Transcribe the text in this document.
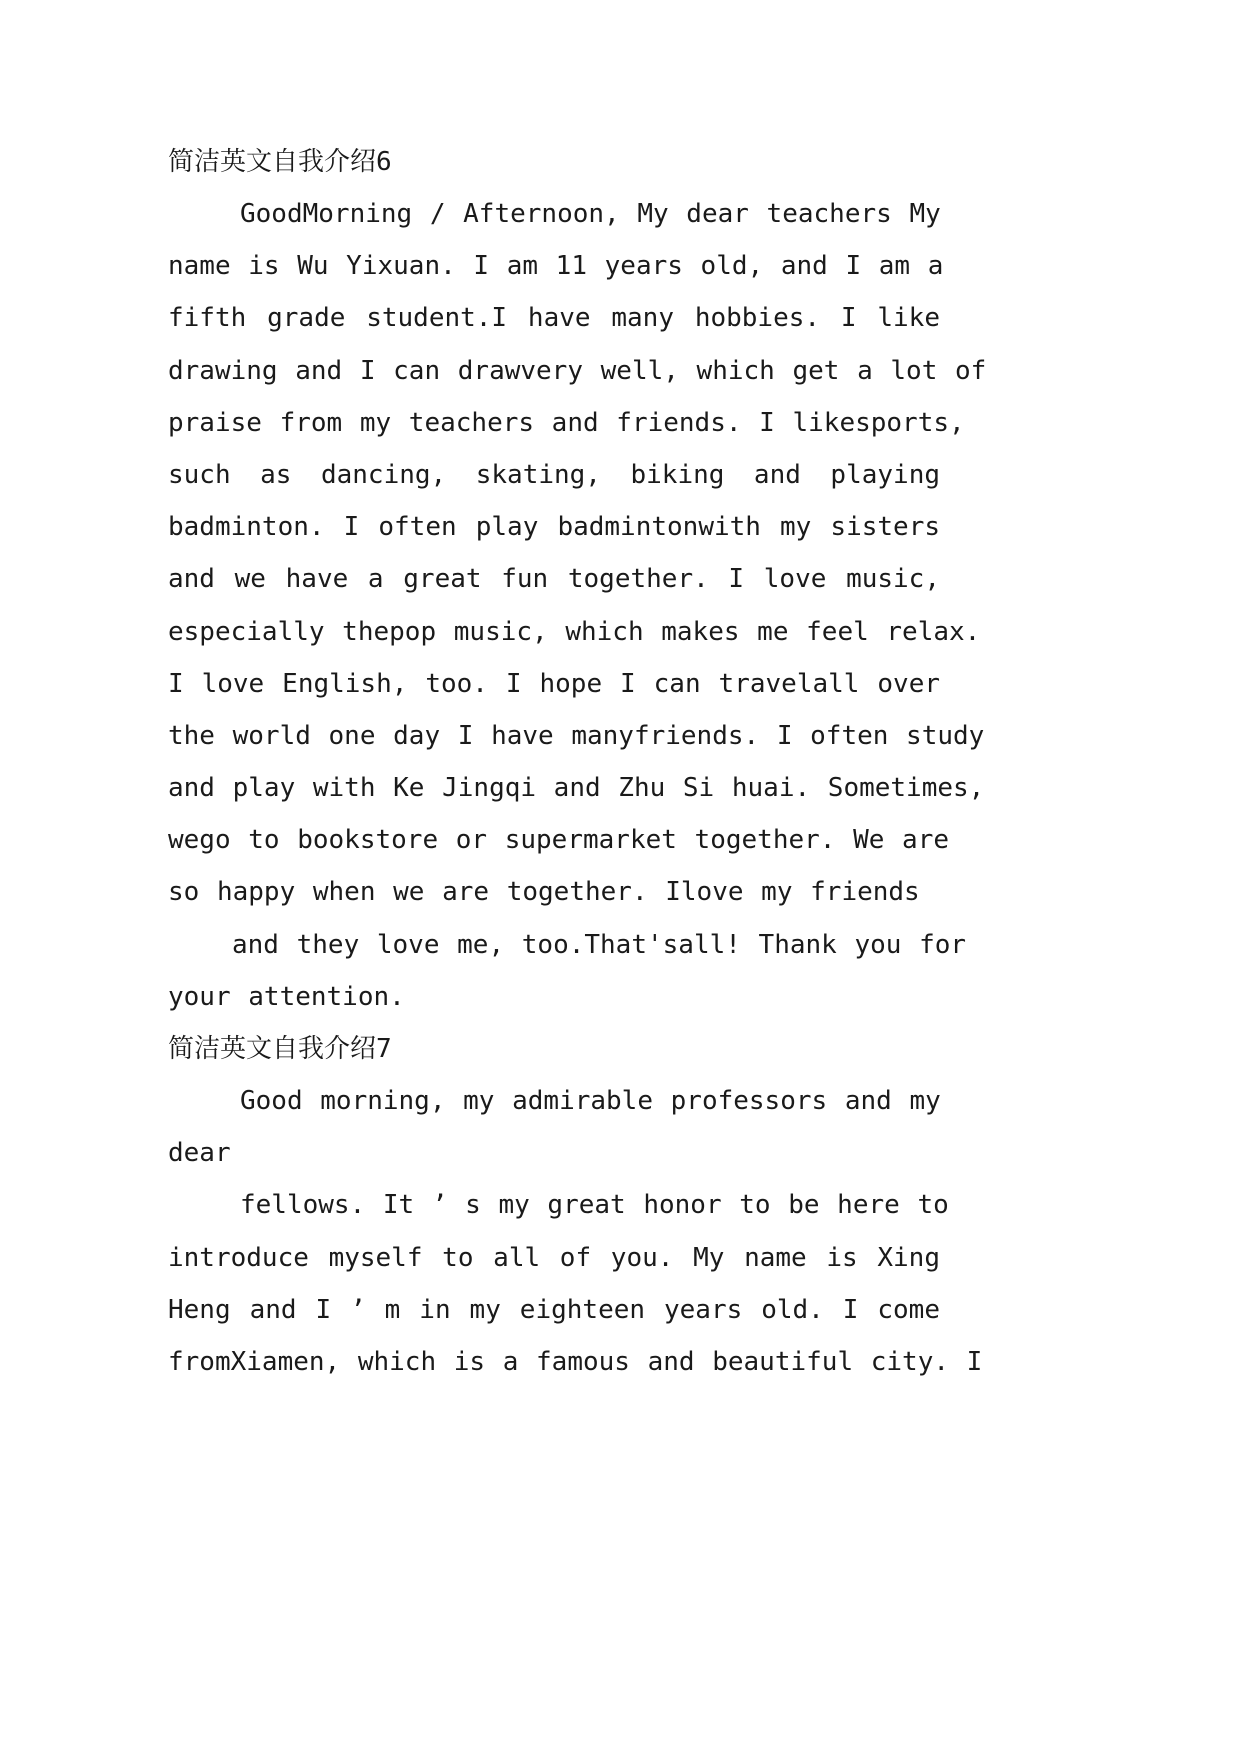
简洁英文自我介绍6

GoodMorning / Afternoon, My dear teachers My
name is Wu Yixuan. I am 11 years old, and I am a
fifth grade student.I have many hobbies. I like
drawing and I can drawvery well, which get a lot of
praise from my teachers and friends. I likesports,
such as dancing, skating, biking and playing
badminton. I often play badmintonwith my sisters
and we have a great fun together. I love music,
especially thepop music, which makes me feel relax.
I love English, too. I hope I can travelall over
the world one day I have manyfriends. I often study
and play with Ke Jingqi and Zhu Si huai. Sometimes,
wego to bookstore or supermarket together. We are
so happy when we are together. Ilove my friends

and they love me, too.That'sall! Thank you for
your attention.

简洁英文自我介绍7

Good morning, my admirable professors and my
dear

fellows. It ’ s my great honor to be here to
introduce myself to all of you. My name is Xing
Heng and I ’ m in my eighteen years old. I come
fromXiamen, which is a famous and beautiful city. I
